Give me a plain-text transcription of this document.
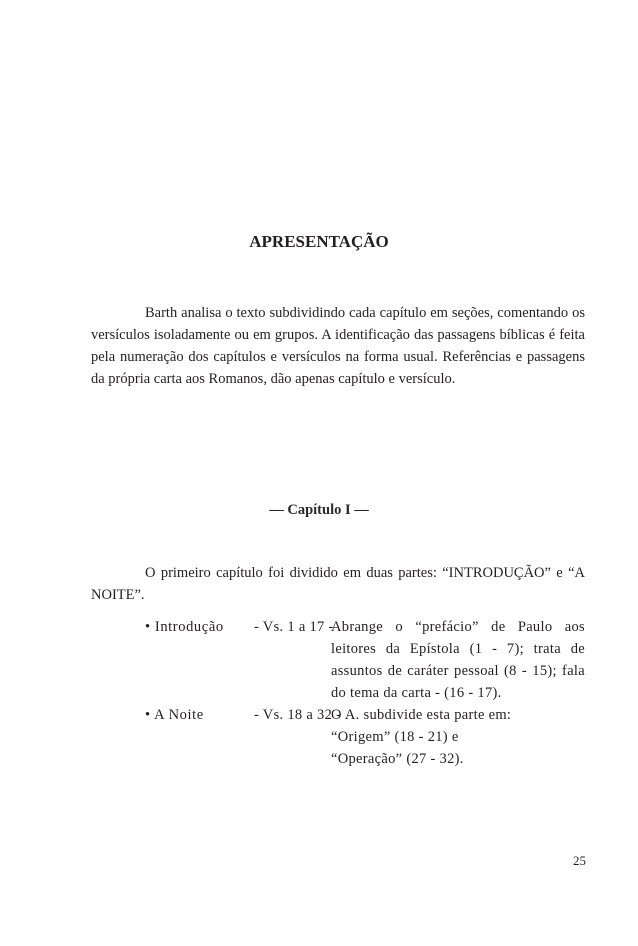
APRESENTAÇÃO

Barth analisa o texto subdividindo cada capítulo em seções, comentando os versículos isoladamente ou em grupos. A identificação das passagens bíblicas é feita pela numeração dos capítulos e versículos na forma usual. Referências e passagens da própria carta aos Romanos, dão apenas capítulo e versículo.

— Capítulo I —

O primeiro capítulo foi dividido em duas partes: “INTRODUÇÃO” e “A NOITE”.

• Introdução - Vs. 1 a 17 -

Abrange o “prefácio” de Paulo aos leitores da Epístola (1 - 7); trata de assuntos de caráter pessoal (8 - 15); fala do tema da carta - (16 - 17).

• A Noite	- Vs. 18 a 32 -
O A. subdivide esta parte em:
“Origem” (18 - 21) e
“Operação” (27 - 32).
25
